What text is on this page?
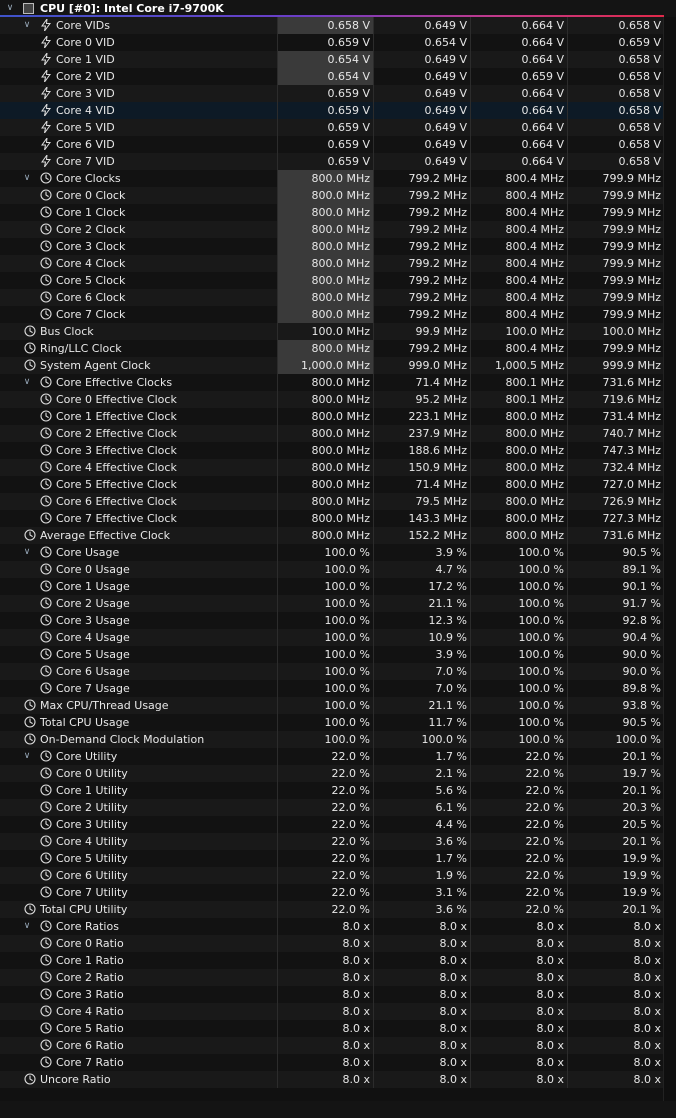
∨ CPU [#0]: Intel Core i7-9700K
∨ Core VIDs	0.658 V	0.649 V	0.664 V	0.658 V
Core 0 VID	0.659 V	0.654 V	0.664 V	0.659 V
Core 1 VID	0.654 V	0.649 V	0.664 V	0.658 V
Core 2 VID	0.654 V	0.649 V	0.659 V	0.658 V
Core 3 VID	0.659 V	0.649 V	0.664 V	0.658 V
Core 4 VID	0.659 V	0.649 V	0.664 V	0.658 V
Core 5 VID	0.659 V	0.649 V	0.664 V	0.658 V
Core 6 VID	0.659 V	0.649 V	0.664 V	0.658 V
Core 7 VID	0.659 V	0.649 V	0.664 V	0.658 V
∨ Core Clocks	800.0 MHz	799.2 MHz	800.4 MHz	799.9 MHz
Core 0 Clock	800.0 MHz	799.2 MHz	800.4 MHz	799.9 MHz
Core 1 Clock	800.0 MHz	799.2 MHz	800.4 MHz	799.9 MHz
Core 2 Clock	800.0 MHz	799.2 MHz	800.4 MHz	799.9 MHz
Core 3 Clock	800.0 MHz	799.2 MHz	800.4 MHz	799.9 MHz
Core 4 Clock	800.0 MHz	799.2 MHz	800.4 MHz	799.9 MHz
Core 5 Clock	800.0 MHz	799.2 MHz	800.4 MHz	799.9 MHz
Core 6 Clock	800.0 MHz	799.2 MHz	800.4 MHz	799.9 MHz
Core 7 Clock	800.0 MHz	799.2 MHz	800.4 MHz	799.9 MHz
Bus Clock	100.0 MHz	99.9 MHz	100.0 MHz	100.0 MHz
Ring/LLC Clock	800.0 MHz	799.2 MHz	800.4 MHz	799.9 MHz
System Agent Clock	1,000.0 MHz	999.0 MHz	1,000.5 MHz	999.9 MHz
∨ Core Effective Clocks	800.0 MHz	71.4 MHz	800.1 MHz	731.6 MHz
Core 0 Effective Clock	800.0 MHz	95.2 MHz	800.1 MHz	719.6 MHz
Core 1 Effective Clock	800.0 MHz	223.1 MHz	800.0 MHz	731.4 MHz
Core 2 Effective Clock	800.0 MHz	237.9 MHz	800.0 MHz	740.7 MHz
Core 3 Effective Clock	800.0 MHz	188.6 MHz	800.0 MHz	747.3 MHz
Core 4 Effective Clock	800.0 MHz	150.9 MHz	800.0 MHz	732.4 MHz
Core 5 Effective Clock	800.0 MHz	71.4 MHz	800.0 MHz	727.0 MHz
Core 6 Effective Clock	800.0 MHz	79.5 MHz	800.0 MHz	726.9 MHz
Core 7 Effective Clock	800.0 MHz	143.3 MHz	800.0 MHz	727.3 MHz
Average Effective Clock	800.0 MHz	152.2 MHz	800.0 MHz	731.6 MHz
∨ Core Usage	100.0 %	3.9 %	100.0 %	90.5 %
Core 0 Usage	100.0 %	4.7 %	100.0 %	89.1 %
Core 1 Usage	100.0 %	17.2 %	100.0 %	90.1 %
Core 2 Usage	100.0 %	21.1 %	100.0 %	91.7 %
Core 3 Usage	100.0 %	12.3 %	100.0 %	92.8 %
Core 4 Usage	100.0 %	10.9 %	100.0 %	90.4 %
Core 5 Usage	100.0 %	3.9 %	100.0 %	90.0 %
Core 6 Usage	100.0 %	7.0 %	100.0 %	90.0 %
Core 7 Usage	100.0 %	7.0 %	100.0 %	89.8 %
Max CPU/Thread Usage	100.0 %	21.1 %	100.0 %	93.8 %
Total CPU Usage	100.0 %	11.7 %	100.0 %	90.5 %
On-Demand Clock Modulation	100.0 %	100.0 %	100.0 %	100.0 %
∨ Core Utility	22.0 %	1.7 %	22.0 %	20.1 %
Core 0 Utility	22.0 %	2.1 %	22.0 %	19.7 %
Core 1 Utility	22.0 %	5.6 %	22.0 %	20.1 %
Core 2 Utility	22.0 %	6.1 %	22.0 %	20.3 %
Core 3 Utility	22.0 %	4.4 %	22.0 %	20.5 %
Core 4 Utility	22.0 %	3.6 %	22.0 %	20.1 %
Core 5 Utility	22.0 %	1.7 %	22.0 %	19.9 %
Core 6 Utility	22.0 %	1.9 %	22.0 %	19.9 %
Core 7 Utility	22.0 %	3.1 %	22.0 %	19.9 %
Total CPU Utility	22.0 %	3.6 %	22.0 %	20.1 %
∨ Core Ratios	8.0 x	8.0 x	8.0 x	8.0 x
Core 0 Ratio	8.0 x	8.0 x	8.0 x	8.0 x
Core 1 Ratio	8.0 x	8.0 x	8.0 x	8.0 x
Core 2 Ratio	8.0 x	8.0 x	8.0 x	8.0 x
Core 3 Ratio	8.0 x	8.0 x	8.0 x	8.0 x
Core 4 Ratio	8.0 x	8.0 x	8.0 x	8.0 x
Core 5 Ratio	8.0 x	8.0 x	8.0 x	8.0 x
Core 6 Ratio	8.0 x	8.0 x	8.0 x	8.0 x
Core 7 Ratio	8.0 x	8.0 x	8.0 x	8.0 x
Uncore Ratio	8.0 x	8.0 x	8.0 x	8.0 x
